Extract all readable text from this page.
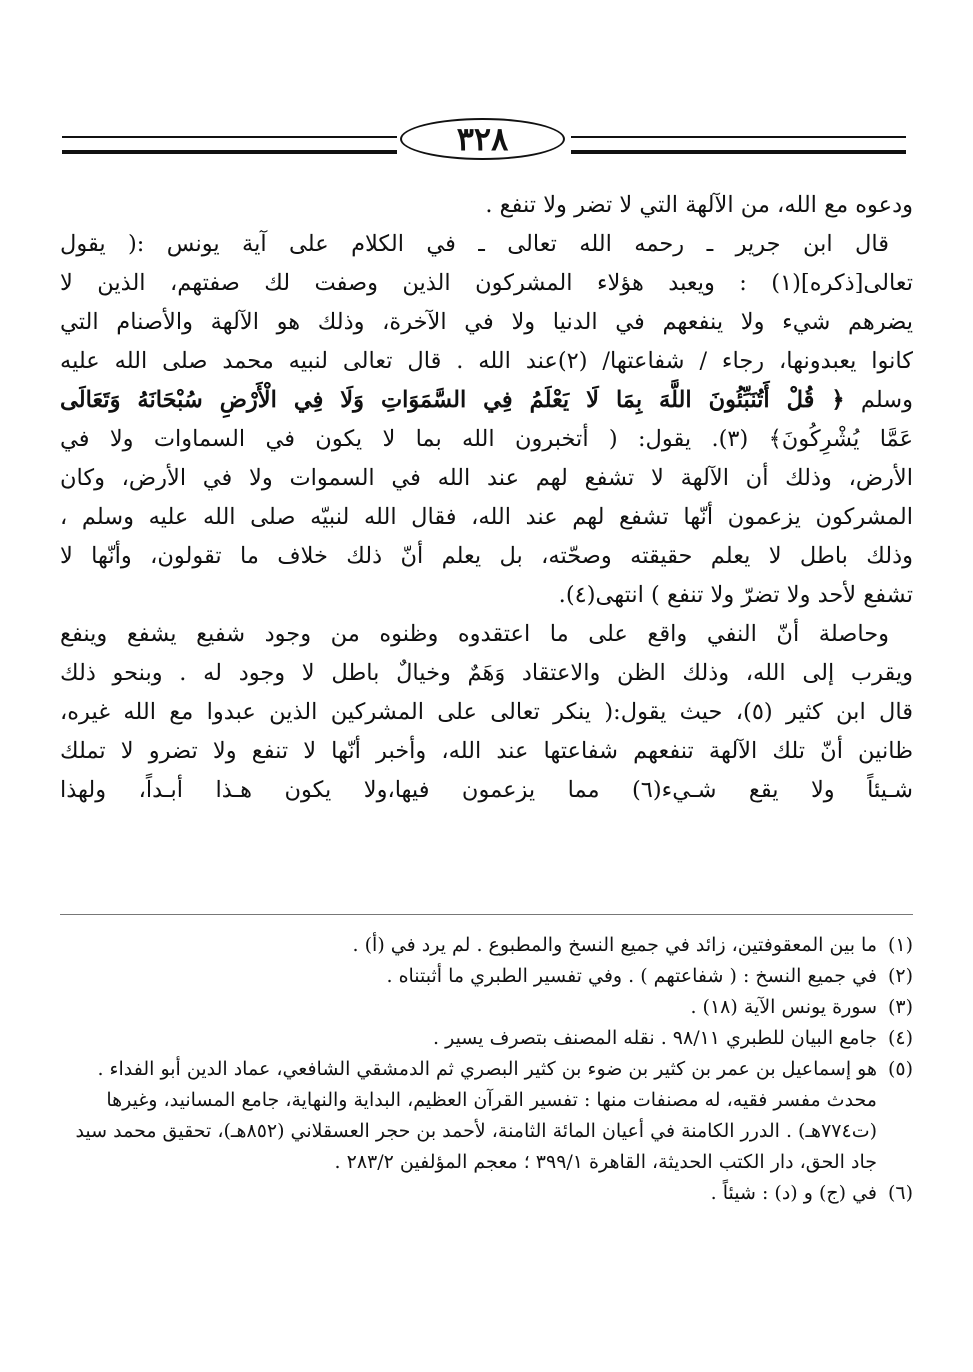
٣٢٨
ودعوه مع الله، من الآلهة التي لا تضر ولا تنفع .
قال ابن جرير ـ رحمه الله تعالى ـ في الكلام على آية يونس :( يقول
تعالى[ذكره](١) : ويعبد هؤلاء المشركون الذين وصفت لك صفتهم، الذين لا
يضرهم شيء ولا ينفعهم في الدنيا ولا في الآخرة، وذلك هو الآلهة والأصنام التي
كانوا يعبدونها، رجاء / شفاعتها/ (٢)عند الله . قال تعالى لنبيه محمد صلى الله عليه
وسلم ﴿ قُلْ أَتُنَبِّئُونَ اللَّهَ بِمَا لَا يَعْلَمُ فِي السَّمَوَاتِ وَلَا فِي الْأَرْضِ سُبْحَانَهُ وَتَعَالَى
عَمَّا يُشْرِكُونَ﴾ (٣). يقول: ( أتخبرون الله بما لا يكون في السماوات ولا في
الأرض، وذلك أن الآلهة لا تشفع لهم عند الله في السموات ولا في الأرض، وكان
المشركون يزعمون أنّها تشفع لهم عند الله، فقال الله لنبيّه صلى الله عليه وسلم ،
وذلك باطل لا يعلم حقيقته وصحّته، بل يعلم أنّ ذلك خلاف ما تقولون، وأنّها لا
تشفع لأحد ولا تضرّ ولا تنفع ) انتهى(٤).
وحاصلة أنّ النفي واقع على ما اعتقدوه وظنوه من وجود شفيع يشفع وينفع
ويقرب إلى الله، وذلك الظن والاعتقاد وَهَمٌ وخيالٌ باطل لا وجود له . وبنحو ذلك
قال ابن كثير (٥)، حيث يقول:( ينكر تعالى على المشركين الذين عبدوا مع الله غيره،
ظانين أنّ تلك الآلهة تنفعهم شفاعتها عند الله، وأخبر أنّها لا تنفع ولا تضرو لا تملك
شـيئاً ولا يقع شـيء(٦) مما يزعمون فيها،ولا يكون هـذا أبـداً، ولهذا
(١)
ما بين المعقوفتين، زائد في جميع النسخ والمطبوع . لم يرد في (أ) .
(٢)
في جميع النسخ : ( شفاعتهم ) . وفي تفسير الطبري ما أثبتناه .
(٣)
سورة يونس الآية (١٨) .
(٤)
جامع البيان للطبري ٩٨/١١ . نقله المصنف بتصرف يسير .
(٥)
هو إسماعيل بن عمر بن كثير بن ضوء بن كثير البصري ثم الدمشقي الشافعي، عماد الدين أبو الفداء . محدث مفسر فقيه، له مصنفات منها : تفسير القرآن العظيم، البداية والنهاية، جامع المسانيد، وغيرها (ت٧٧٤هـ) . الدرر الكامنة في أعيان المائة الثامنة، لأحمد بن حجر العسقلاني (٨٥٢هـ)، تحقيق محمد سيد جاد الحق، دار الكتب الحديثة، القاهرة ٣٩٩/١ ؛ معجم المؤلفين ٢٨٣/٢ .
(٦)
في (ج) و (د) : شيئاً .
